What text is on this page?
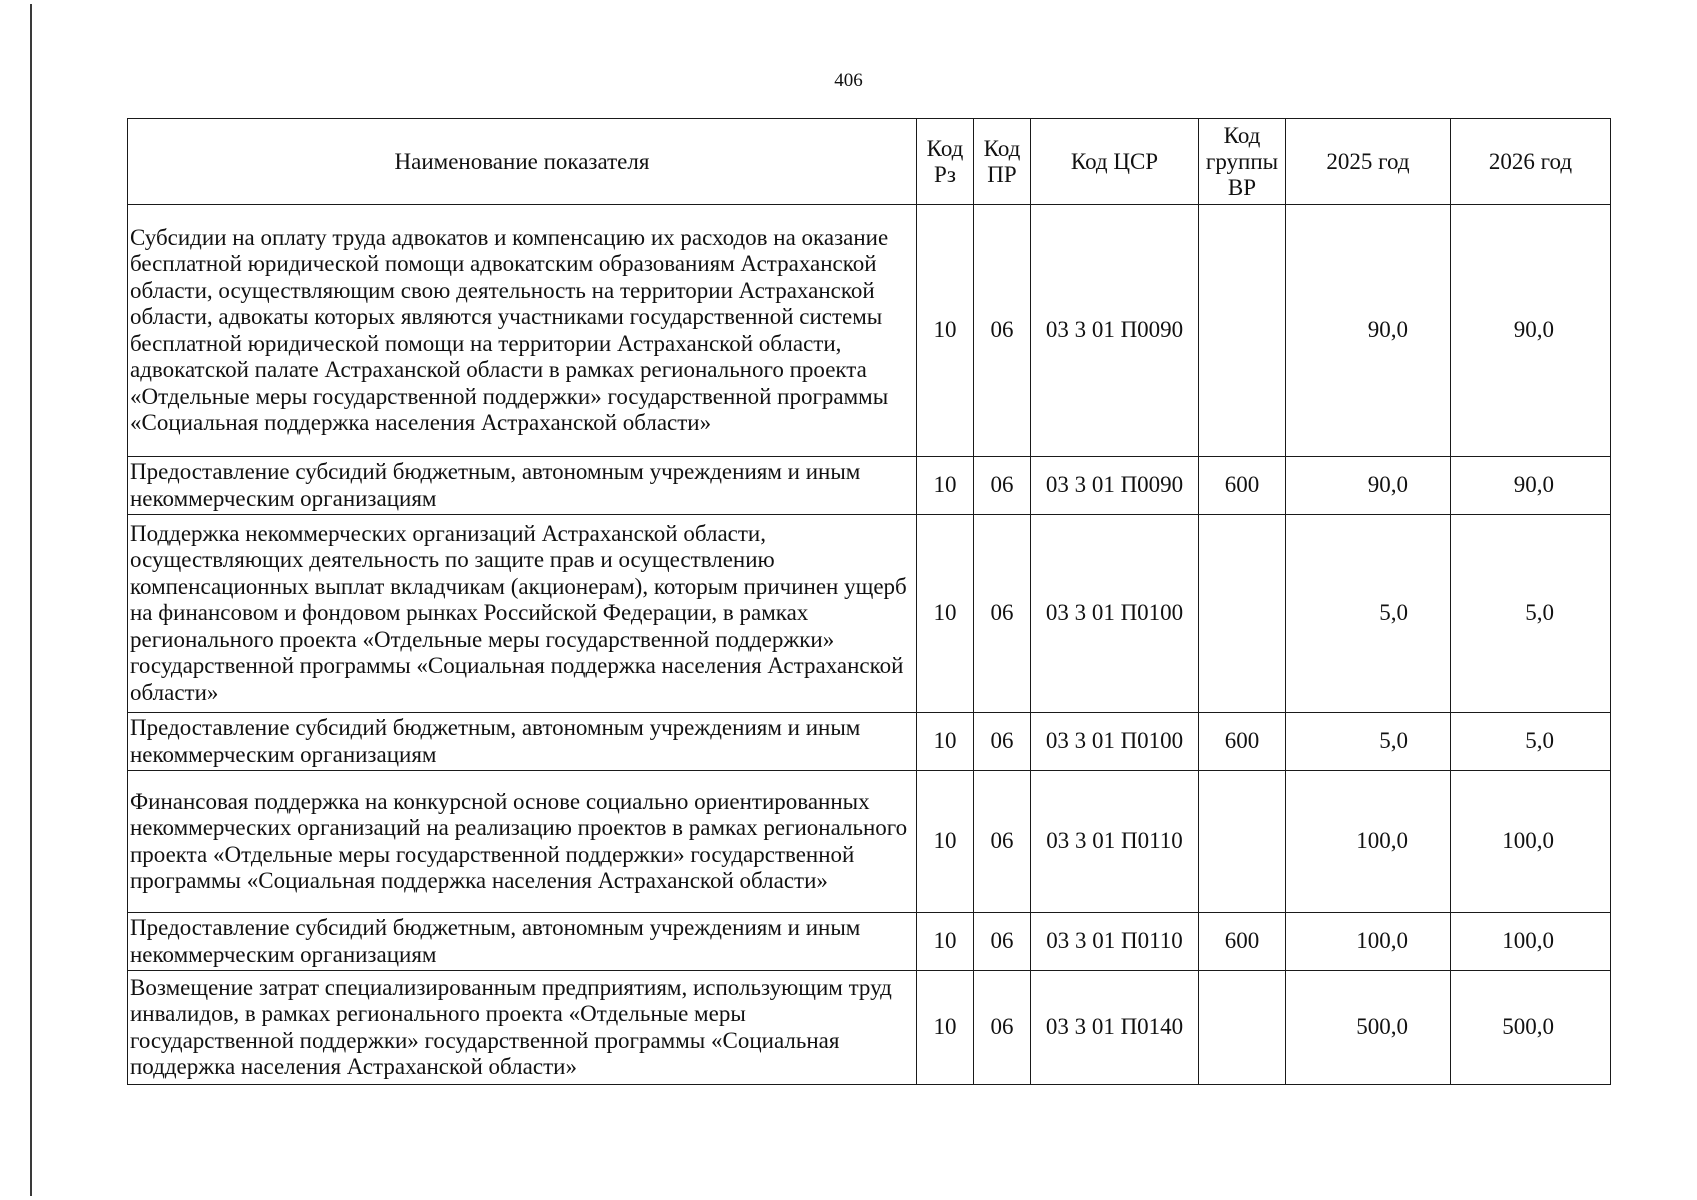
406
Наименование показателя	Код Рз	Код ПР	Код ЦСР	Код группы ВР	2025 год	2026 год
Субсидии на оплату труда адвокатов и компенсацию их расходов на оказание бесплатной юридической помощи адвокатским образованиям Астраханской области, осуществляющим свою деятельность на территории Астраханской области, адвокаты которых являются участниками государственной системы бесплатной юридической помощи на территории Астраханской области, адвокатской палате Астраханской области в рамках регионального проекта «Отдельные меры государственной поддержки» государственной программы «Социальная поддержка населения Астраханской области»	10	06	03 3 01 П0090		90,0	90,0
Предоставление субсидий бюджетным, автономным учреждениям и иным некоммерческим организациям	10	06	03 3 01 П0090	600	90,0	90,0
Поддержка некоммерческих организаций Астраханской области, осуществляющих деятельность по защите прав и осуществлению компенсационных выплат вкладчикам (акционерам), которым причинен ущерб на финансовом и фондовом рынках Российской Федерации, в рамках регионального проекта «Отдельные меры государственной поддержки» государственной программы «Социальная поддержка населения Астраханской области»	10	06	03 3 01 П0100		5,0	5,0
Предоставление субсидий бюджетным, автономным учреждениям и иным некоммерческим организациям	10	06	03 3 01 П0100	600	5,0	5,0
Финансовая поддержка на конкурсной основе социально ориентированных некоммерческих организаций на реализацию проектов в рамках регионального проекта «Отдельные меры государственной поддержки» государственной программы «Социальная поддержка населения Астраханской области»	10	06	03 3 01 П0110		100,0	100,0
Предоставление субсидий бюджетным, автономным учреждениям и иным некоммерческим организациям	10	06	03 3 01 П0110	600	100,0	100,0
Возмещение затрат специализированным предприятиям, использующим труд инвалидов, в рамках регионального проекта «Отдельные меры государственной поддержки» государственной программы «Социальная поддержка населения Астраханской области»	10	06	03 3 01 П0140		500,0	500,0
